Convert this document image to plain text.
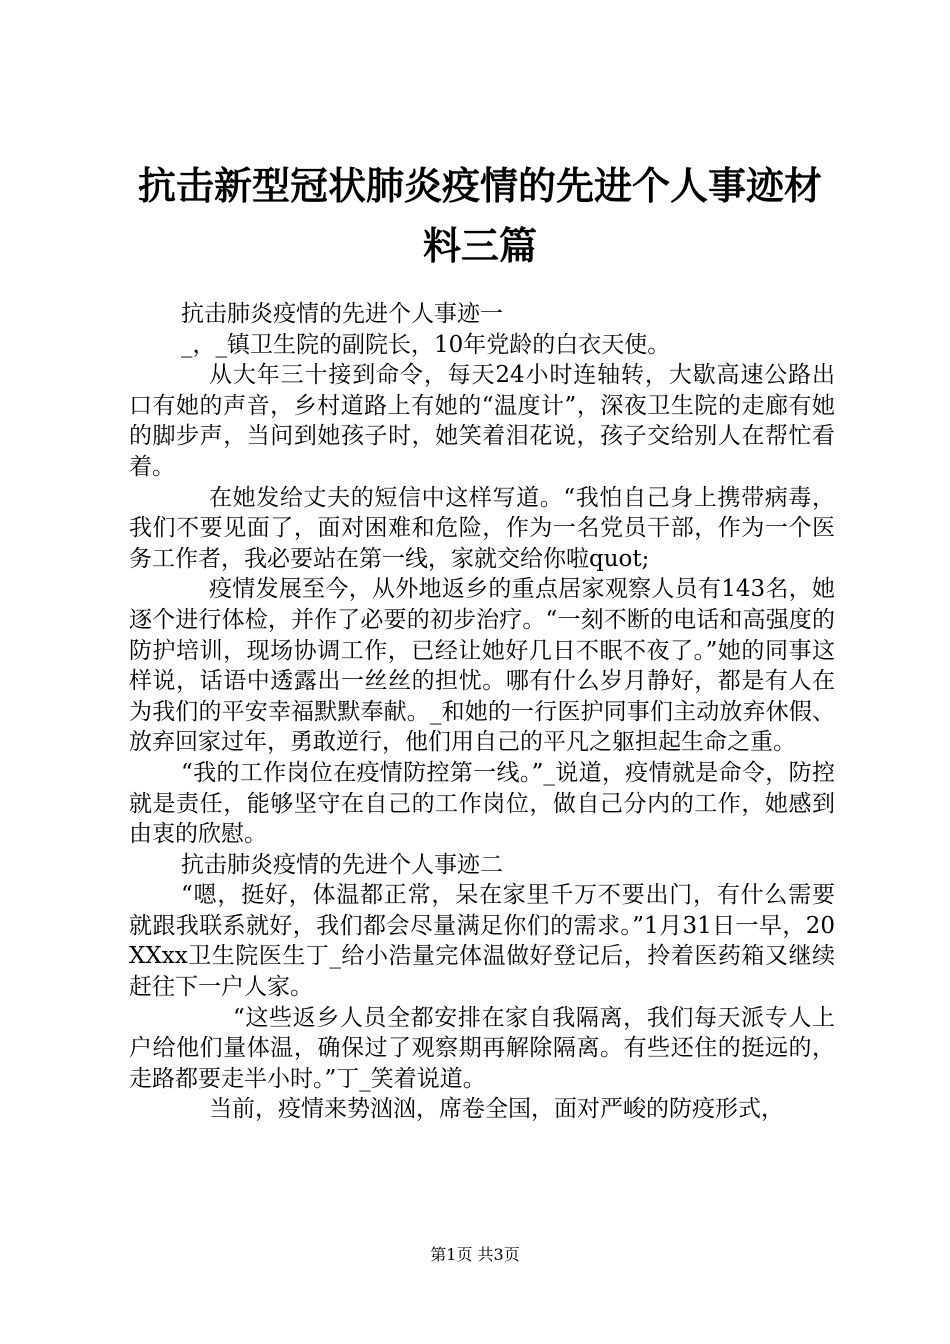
抗击新型冠状肺炎疫情的先进个人事迹材料三篇

抗击肺炎疫情的先进个人事迹一

_，_镇卫生院的副院长，10年党龄的白衣天使。

从大年三十接到命令，每天24小时连轴转，大歇高速公路出口有她的声音，乡村道路上有她的“温度计”，深夜卫生院的走廊有她的脚步声，当问到她孩子时，她笑着泪花说，孩子交给别人在帮忙看着。

在她发给丈夫的短信中这样写道。“我怕自己身上携带病毒，我们不要见面了，面对困难和危险，作为一名党员干部，作为一个医务工作者，我必要站在第一线，家就交给你啦quot;

疫情发展至今，从外地返乡的重点居家观察人员有143名，她逐个进行体检，并作了必要的初步治疗。“一刻不断的电话和高强度的防护培训，现场协调工作，已经让她好几日不眠不夜了。”她的同事这样说，话语中透露出一丝丝的担忧。哪有什么岁月静好，都是有人在为我们的平安幸福默默奉献。_和她的一行医护同事们主动放弃休假、放弃回家过年，勇敢逆行，他们用自己的平凡之躯担起生命之重。

“我的工作岗位在疫情防控第一线。”_说道，疫情就是命令，防控就是责任，能够坚守在自己的工作岗位，做自己分内的工作，她感到由衷的欣慰。

抗击肺炎疫情的先进个人事迹二

“嗯，挺好，体温都正常，呆在家里千万不要出门，有什么需要就跟我联系就好，我们都会尽量满足你们的需求。”1月31日一早，20XXxx卫生院医生丁_给小浩量完体温做好登记后，拎着医药箱又继续赶往下一户人家。

“这些返乡人员全都安排在家自我隔离，我们每天派专人上户给他们量体温，确保过了观察期再解除隔离。有些还住的挺远的，走路都要走半小时。”丁_笑着说道。

当前，疫情来势汹汹，席卷全国，面对严峻的防疫形式，

第1页 共3页
